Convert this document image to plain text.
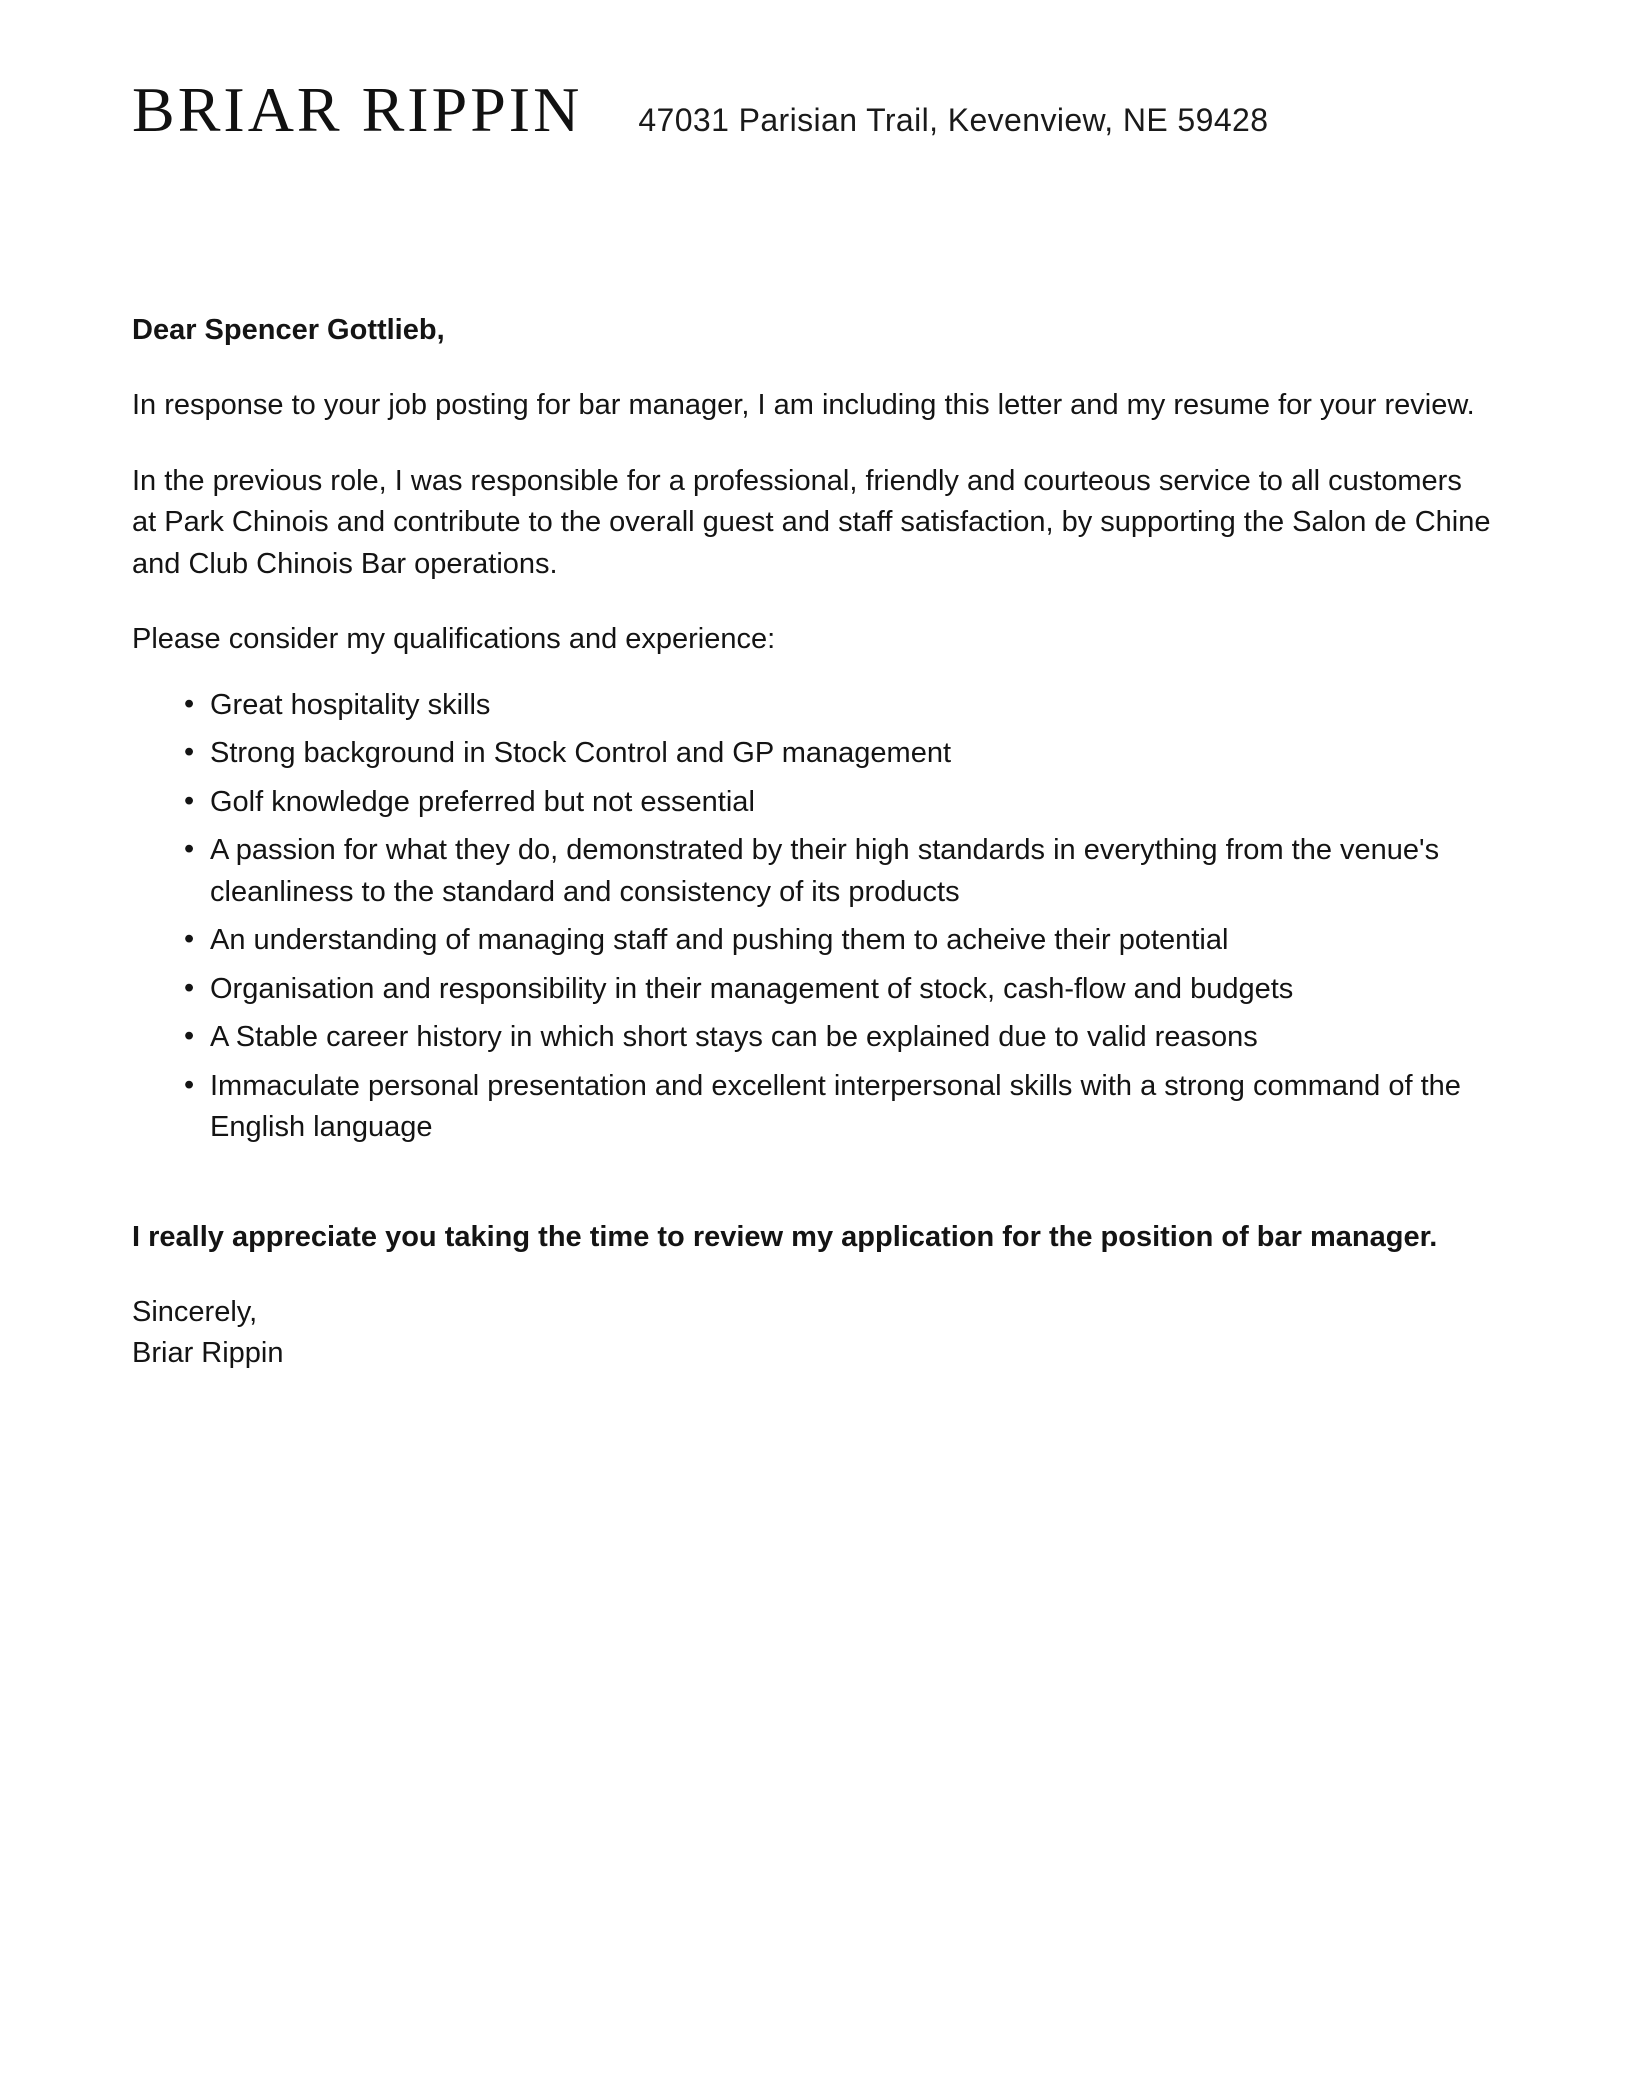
BRIAR RIPPIN 47031 Parisian Trail, Kevenview, NE 59428

Dear Spencer Gottlieb,

In response to your job posting for bar manager, I am including this letter and my resume for your review.

In the previous role, I was responsible for a professional, friendly and courteous service to all customers at Park Chinois and contribute to the overall guest and staff satisfaction, by supporting the Salon de Chine and Club Chinois Bar operations.

Please consider my qualifications and experience:

• Great hospitality skills
• Strong background in Stock Control and GP management
• Golf knowledge preferred but not essential
• A passion for what they do, demonstrated by their high standards in everything from the venue's cleanliness to the standard and consistency of its products
• An understanding of managing staff and pushing them to acheive their potential
• Organisation and responsibility in their management of stock, cash-flow and budgets
• A Stable career history in which short stays can be explained due to valid reasons
• Immaculate personal presentation and excellent interpersonal skills with a strong command of the English language

I really appreciate you taking the time to review my application for the position of bar manager.

Sincerely,
Briar Rippin
